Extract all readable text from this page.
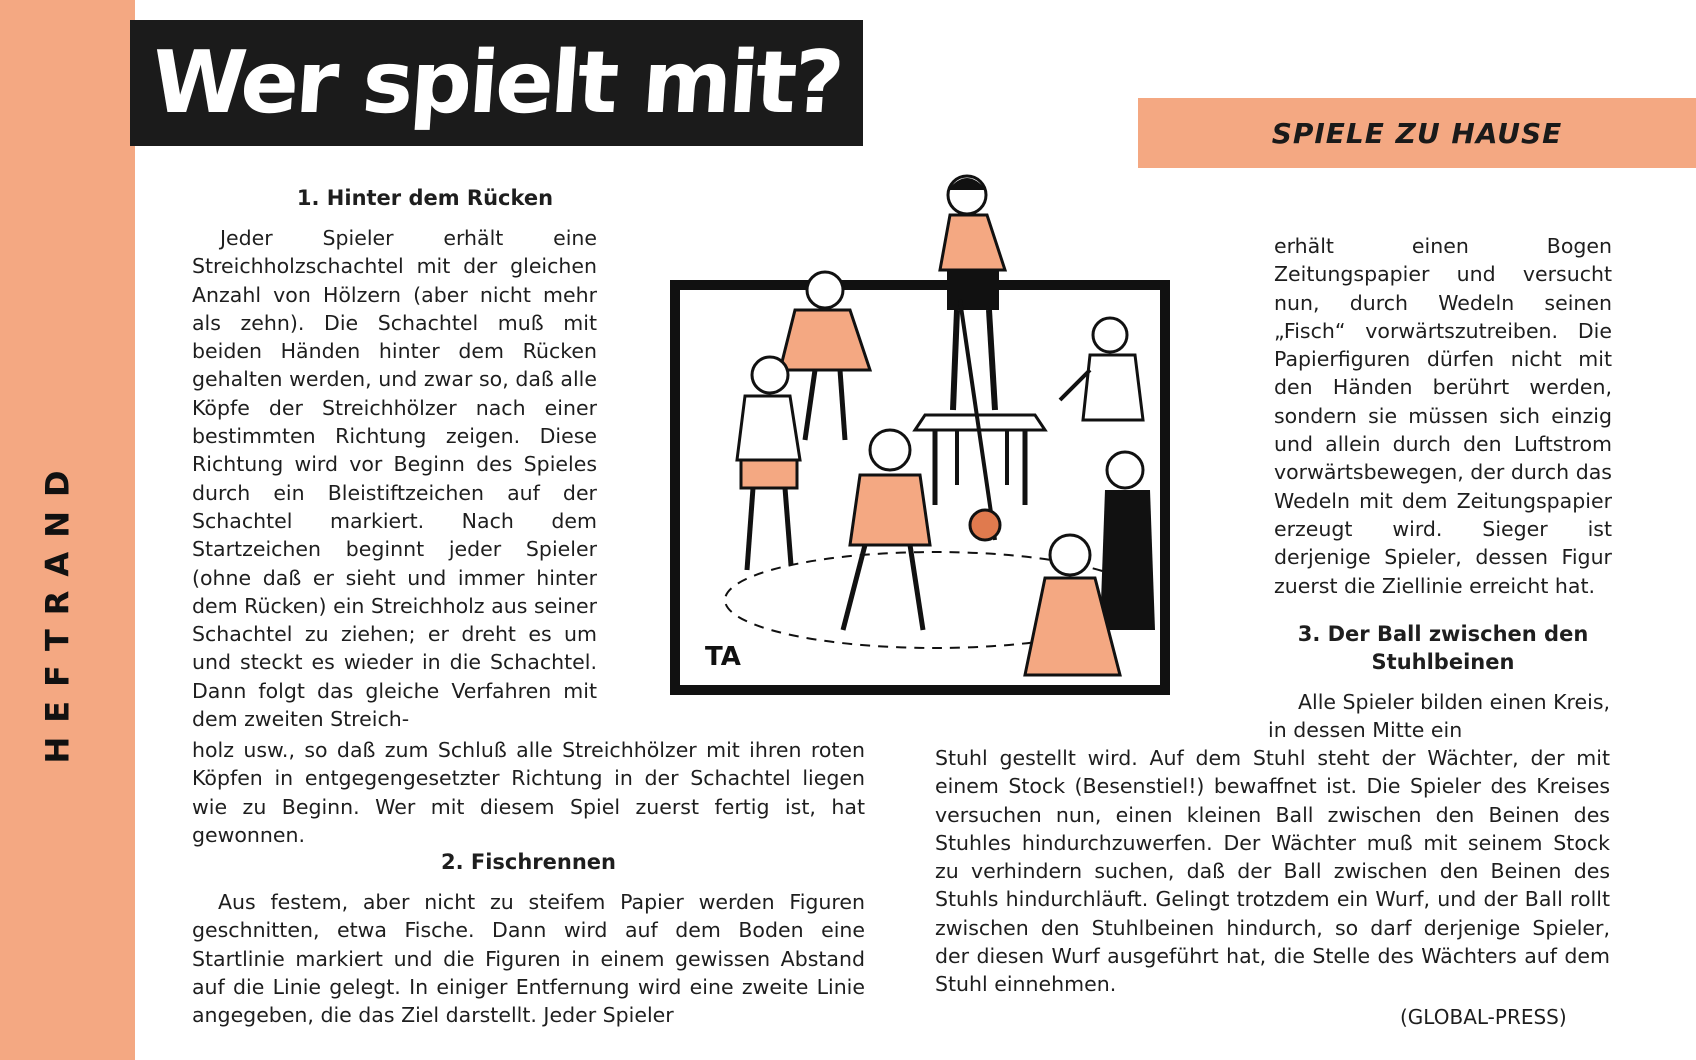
HEFTRAND
Wer spielt mit?	SPIELE ZU HAUSE
1. Hinter dem Rücken
Jeder Spieler erhält eine Streichholzschachtel mit der gleichen Anzahl von Hölzern (aber nicht mehr als zehn). Die Schachtel muß mit beiden Händen hinter dem Rücken gehalten werden, und zwar so, daß alle Köpfe der Streichhölzer nach einer bestimmten Richtung zeigen. Diese Richtung wird vor Beginn des Spieles durch ein Bleistiftzeichen auf der Schachtel markiert. Nach dem Startzeichen beginnt jeder Spieler (ohne daß er sieht und immer hinter dem Rücken) ein Streichholz aus seiner Schachtel zu ziehen; er dreht es um und steckt es wieder in die Schachtel. Dann folgt das gleiche Verfahren mit dem zweiten Streich-
holz usw., so daß zum Schluß alle Streichhölzer mit ihren roten Köpfen in entgegengesetzter Richtung in der Schachtel liegen wie zu Beginn. Wer mit diesem Spiel zuerst fertig ist, hat gewonnen.
2. Fischrennen
Aus festem, aber nicht zu steifem Papier werden Figuren geschnitten, etwa Fische. Dann wird auf dem Boden eine Startlinie markiert und die Figuren in einem gewissen Abstand auf die Linie gelegt. In einiger Entfernung wird eine zweite Linie angegeben, die das Ziel darstellt. Jeder Spieler
erhält einen Bogen Zeitungspapier und versucht nun, durch Wedeln seinen „Fisch“ vorwärtszutreiben. Die Papierfiguren dürfen nicht mit den Händen berührt werden, sondern sie müssen sich einzig und allein durch den Luftstrom vorwärtsbewegen, der durch das Wedeln mit dem Zeitungspapier erzeugt wird. Sieger ist derjenige Spieler, dessen Figur zuerst die Ziellinie erreicht hat.
3. Der Ball zwischen den
Stuhlbeinen
Alle Spieler bilden einen Kreis, in dessen Mitte ein
Stuhl gestellt wird. Auf dem Stuhl steht der Wächter, der mit einem Stock (Besenstiel!) bewaffnet ist. Die Spieler des Kreises versuchen nun, einen kleinen Ball zwischen den Beinen des Stuhles hindurchzuwerfen. Der Wächter muß mit seinem Stock zu verhindern suchen, daß der Ball zwischen den Beinen des Stuhls hindurchläuft. Gelingt trotzdem ein Wurf, und der Ball rollt zwischen den Stuhlbeinen hindurch, so darf derjenige Spieler, der diesen Wurf ausgeführt hat, die Stelle des Wächters auf dem Stuhl einnehmen.
(GLOBAL-PRESS)
TA
